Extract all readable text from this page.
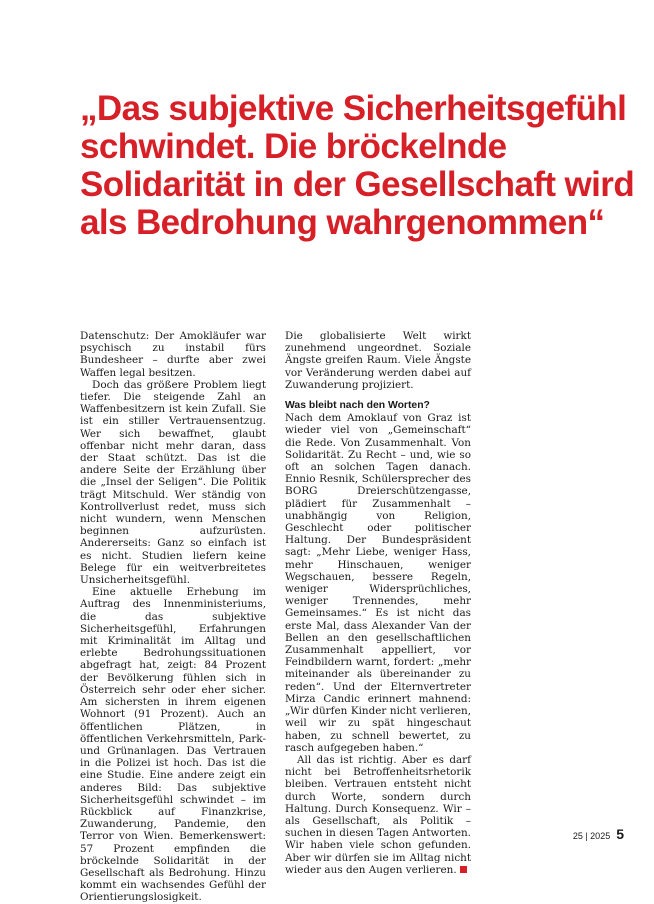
„Das subjektive Sicherheitsgefühl
schwindet. Die bröckelnde
Solidarität in der Gesellschaft wird
als Bedrohung wahrgenommen“

Datenschutz: Der Amokläufer war psychisch zu instabil fürs Bundesheer – durfte aber zwei Waffen legal besitzen.

Doch das größere Problem liegt tiefer. Die steigende Zahl an Waffenbesitzern ist kein Zufall. Sie ist ein stiller Vertrauensentzug. Wer sich bewaffnet, glaubt offenbar nicht mehr daran, dass der Staat schützt. Das ist die andere Seite der Erzählung über die „Insel der Seligen“. Die Politik trägt Mitschuld. Wer ständig von Kontrollverlust redet, muss sich nicht wundern, wenn Menschen beginnen aufzurüsten. Andererseits: Ganz so einfach ist es nicht. Studien liefern keine Belege für ein weitverbreitetes Unsicherheitsgefühl.

Eine aktuelle Erhebung im Auftrag des Innenministeriums, die das subjektive Sicherheitsgefühl, Erfahrungen mit Kriminalität im Alltag und erlebte Bedrohungssituationen abgefragt hat, zeigt: 84 Prozent der Bevölkerung fühlen sich in Österreich sehr oder eher sicher. Am sichersten in ihrem eigenen Wohnort (91 Prozent). Auch an öffentlichen Plätzen, in öffentlichen Verkehrsmitteln, Park- und Grünanlagen. Das Vertrauen in die Polizei ist hoch. Das ist die eine Studie. Eine andere zeigt ein anderes Bild: Das subjektive Sicherheitsgefühl schwindet – im Rückblick auf Finanzkrise, Zuwanderung, Pandemie, den Terror von Wien. Bemerkenswert: 57 Prozent empfinden die bröckelnde Solidarität in der Gesellschaft als Bedrohung. Hinzu kommt ein wachsendes Gefühl der Orientierungslosigkeit.

Die globalisierte Welt wirkt zunehmend ungeordnet. Soziale Ängste greifen Raum. Viele Ängste vor Veränderung werden dabei auf Zuwanderung projiziert.

Was bleibt nach den Worten?

Nach dem Amoklauf von Graz ist wieder viel von „Gemeinschaft“ die Rede. Von Zusammenhalt. Von Solidarität. Zu Recht – und, wie so oft an solchen Tagen danach. Ennio Resnik, Schülersprecher des BORG Dreierschützengasse, plädiert für Zusammenhalt – unabhängig von Religion, Geschlecht oder politischer Haltung. Der Bundespräsident sagt: „Mehr Liebe, weniger Hass, mehr Hinschauen, weniger Wegschauen, bessere Regeln, weniger Widersprüchliches, weniger Trennendes, mehr Gemeinsames.“ Es ist nicht das erste Mal, dass Alexander Van der Bellen an den gesellschaftlichen Zusammenhalt appelliert, vor Feindbildern warnt, fordert: „mehr miteinander als übereinander zu reden“. Und der Elternvertreter Mirza Candic erinnert mahnend: „Wir dürfen Kinder nicht verlieren, weil wir zu spät hingeschaut haben, zu schnell bewertet, zu rasch aufgegeben haben.“

All das ist richtig. Aber es darf nicht bei Betroffenheitsrhetorik bleiben. Vertrauen entsteht nicht durch Worte, sondern durch Haltung. Durch Konsequenz. Wir – als Gesellschaft, als Politik – suchen in diesen Tagen Antworten. Wir haben viele schon gefunden. Aber wir dürfen sie im Alltag nicht wieder aus den Augen verlieren.

25 | 2025 5
